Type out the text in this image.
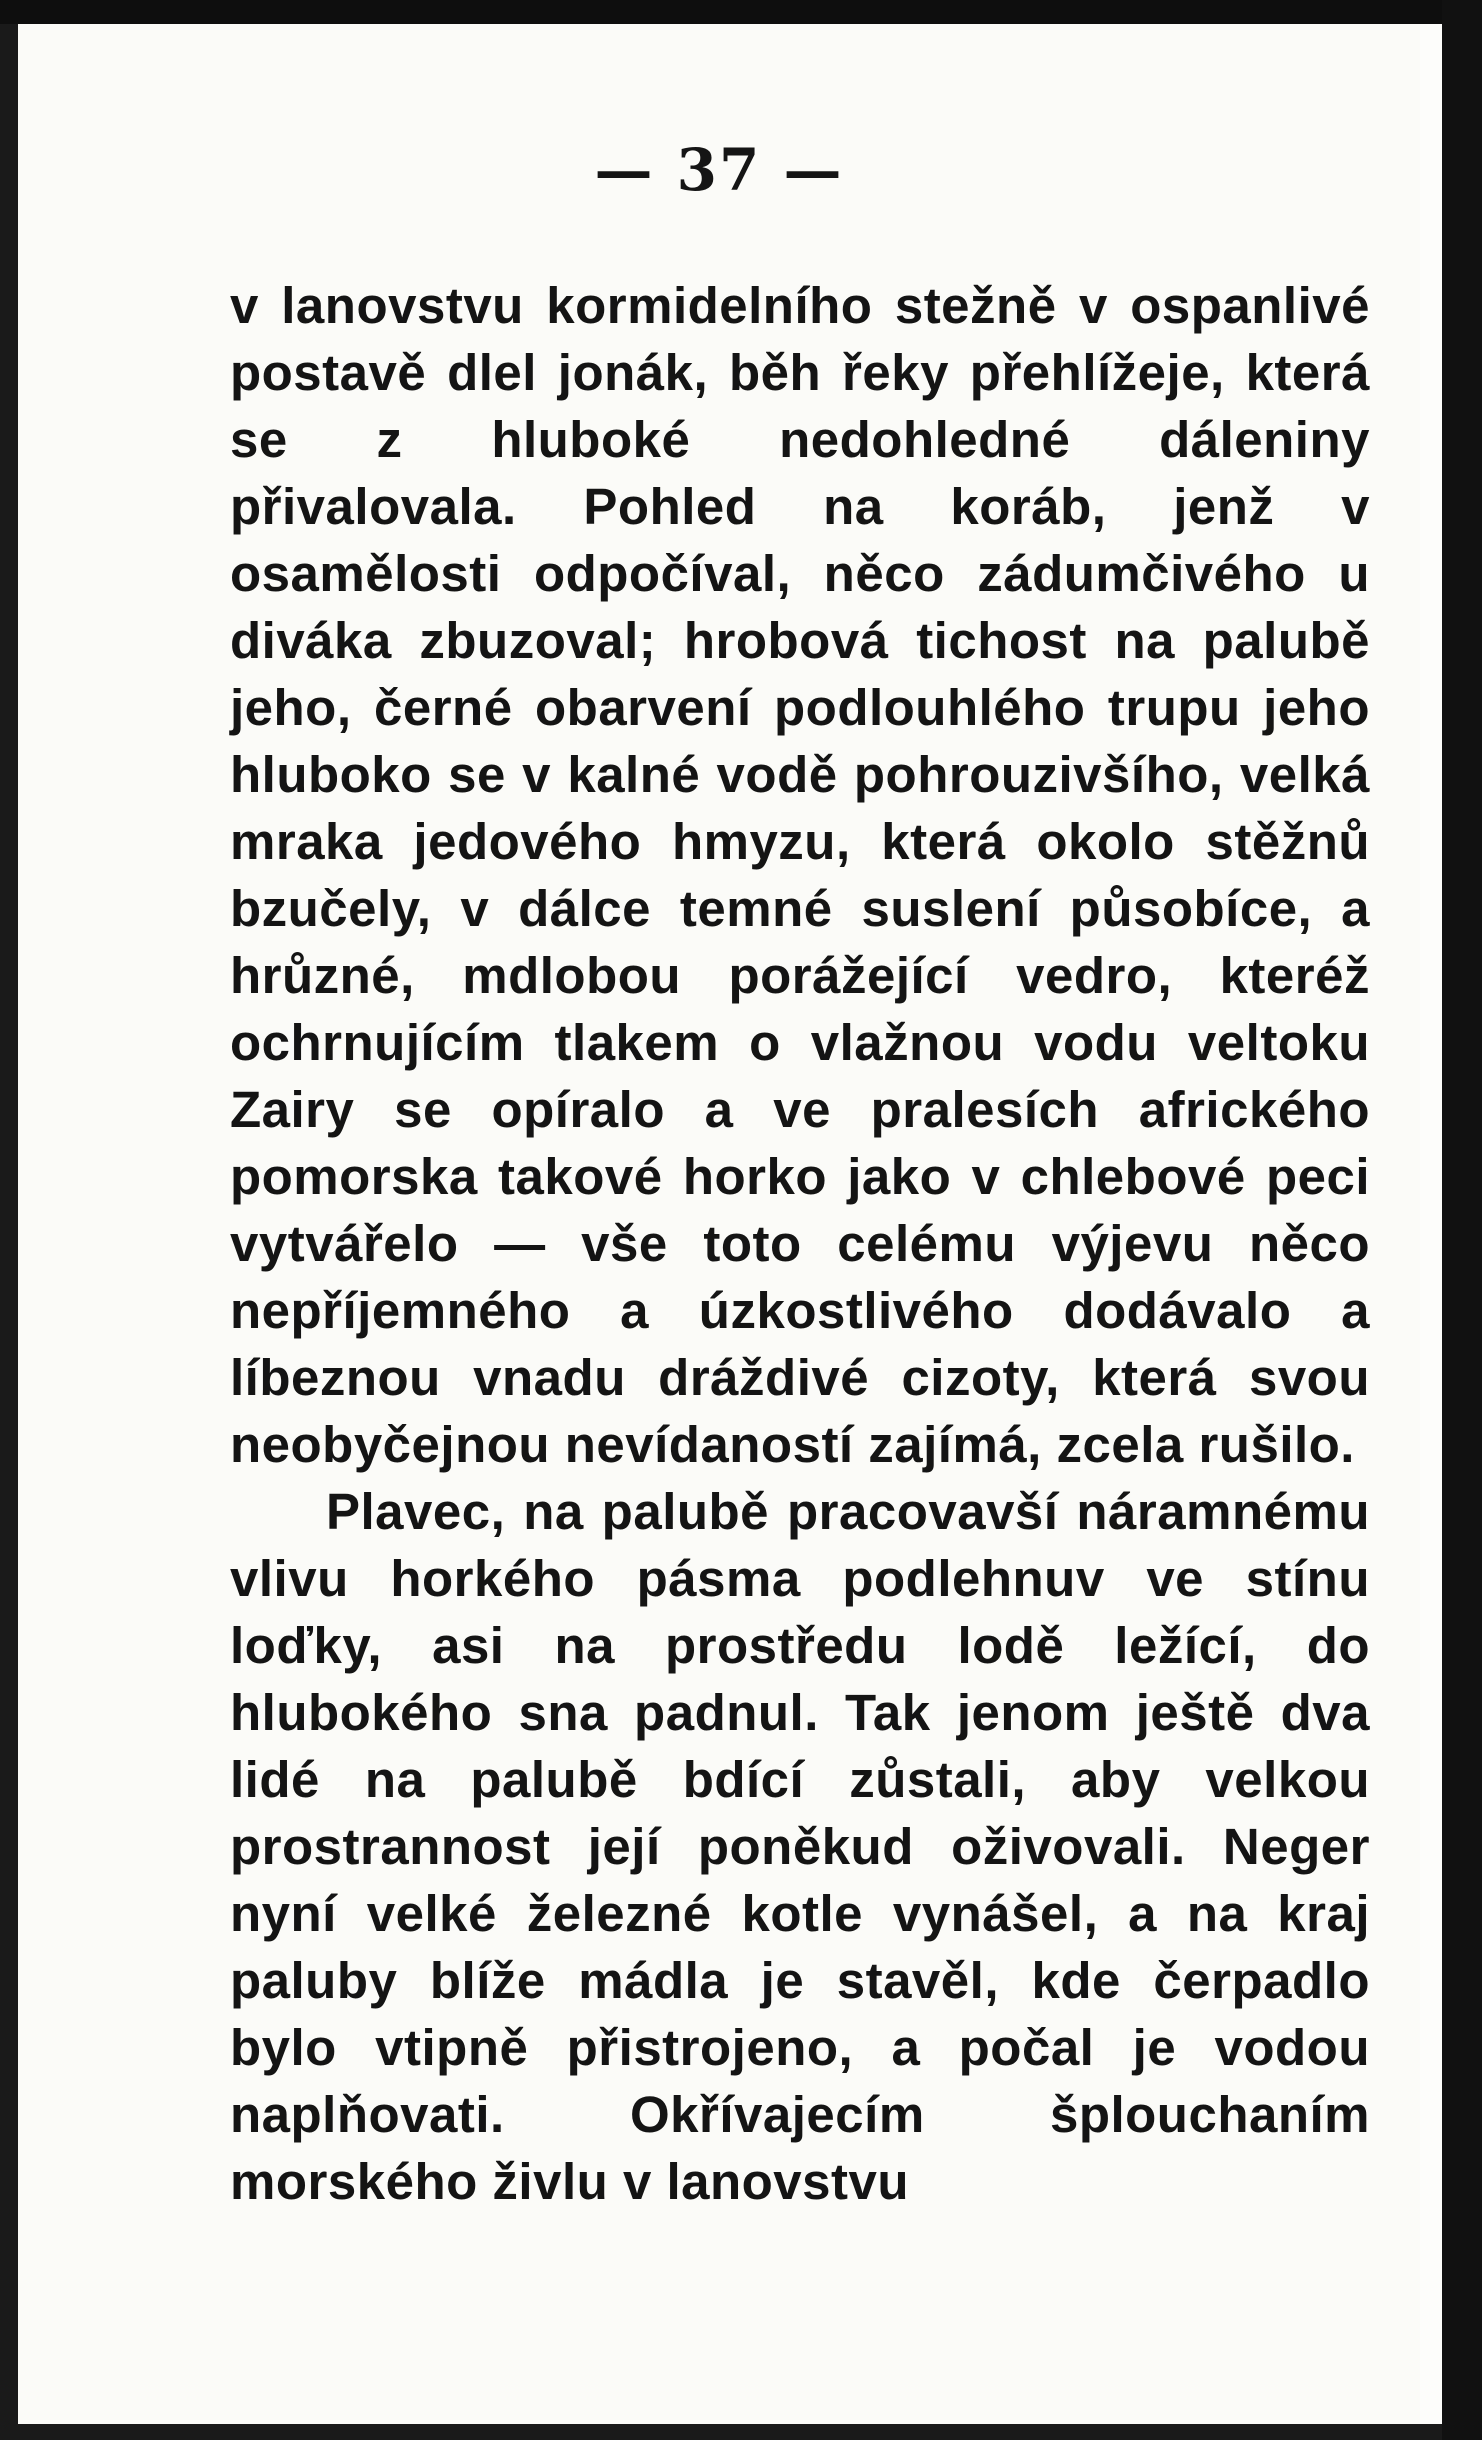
— 37 —

v lanovstvu kormidelního stežně v ospanlivé postavě dlel jonák, běh řeky přehlížeje, která se z hluboké nedohledné dáleniny přivalovala. Pohled na koráb, jenž v osamělosti odpočíval, něco zádumčivého u diváka zbuzoval; hrobová tichost na palubě jeho, černé obarvení podlouhlého trupu jeho hluboko se v kalné vodě pohrouzivšího, velká mraka jedového hmyzu, která okolo stěžnů bzučely, v dálce temné suslení působíce, a hrůzné, mdlobou porážející vedro, kteréž ochrnujícím tlakem o vlažnou vodu veltoku Zairy se opíralo a ve pralesích afrického pomorska takové horko jako v chlebové peci vytvářelo — vše toto celému výjevu něco nepříjemného a úzkostlivého dodávalo a líbeznou vnadu dráždivé cizoty, která svou neobyčejnou nevídaností zajímá, zcela rušilo.

Plavec, na palubě pracovavší náramnému vlivu horkého pásma podlehnuv ve stínu loďky, asi na prostředu lodě ležící, do hlubokého sna padnul. Tak jenom ještě dva lidé na palubě bdící zůstali, aby velkou prostrannost její poněkud oživovali. Neger nyní velké železné kotle vynášel, a na kraj paluby blíže mádla je stavěl, kde čerpadlo bylo vtipně přistrojeno, a počal je vodou naplňovati. Okřívajecím šplouchaním morského živlu v lanovstvu
